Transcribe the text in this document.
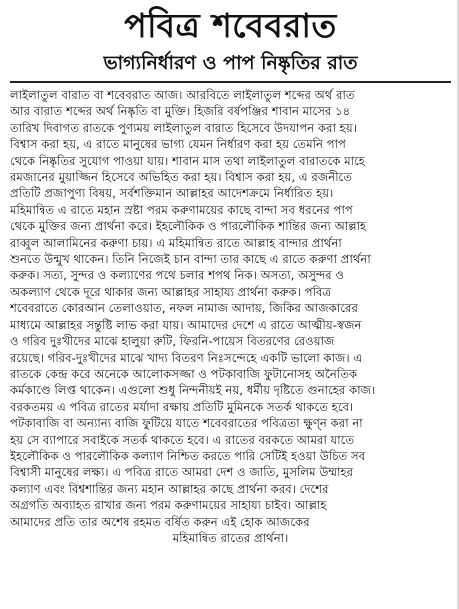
পবিত্র শবেবরাত
ভাগ্যনির্ধারণ ও পাপ নিষ্কৃতির রাত

লাইলাতুল বারাত বা শবেবরাত আজ। আরবিতে লাইলাতুল শব্দের অর্থ রাত
আর বারাত শব্দের অর্থ নিষ্কৃতি বা মুক্তি। হিজরি বর্ষপঞ্জির শাবান মাসের ১৪
তারিখ দিবাগত রাতকে পুণ্যময় লাইলাতুল বারাত হিসেবে উদযাপন করা হয়।
বিশ্বাস করা হয়, এ রাতে মানুষের ভাগ্য যেমন নির্ধারণ করা হয় তেমনি পাপ
থেকে নিষ্কৃতির সুযোগ পাওয়া যায়। শাবান মাস তথা লাইলাতুল বারাতকে মাহে
রমজানের মুয়াজ্জিন হিসেবে অভিহিত করা হয়। বিশ্বাস করা হয়, এ রজনীতে
প্রতিটি প্রজাপুণ্য বিষয়, সর্বশক্তিমান আল্লাহর আদেশক্রমে নির্ধারিত হয়।
মহিমান্বিত এ রাতে মহান স্রষ্টা পরম করুণাময়ের কাছে বান্দা সব ধরনের পাপ
থেকে মুক্তির জন্য প্রার্থনা করে। ইহলৌকিক ও পারলৌকিক শান্তির জন্য আল্লাহ
রাব্বুল আলামিনের করুণা চায়। এ মহিমান্বিত রাতে আল্লাহ বান্দার প্রার্থনা
শুনতে উন্মুখ থাকেন। তিনি নিজেই চান বান্দা তার কাছে এ রাতে করুণা প্রার্থনা
করুক। সত্য, সুন্দর ও কল্যাণের পথে চলার শপথ নিক। অসত্য, অসুন্দর ও
অকল্যাণ থেকে দূরে থাকার জন্য আল্লাহর সাহায্য প্রার্থনা করুক। পবিত্র
শবেবরাতে কোরআন তেলাওয়াত, নফল নামাজ আদায়, জিকির আজকারের
মাধ্যমে আল্লাহর সন্তুষ্টি লাভ করা যায়। আমাদের দেশে এ রাতে আত্মীয়-স্বজন
ও গরিব দুঃখীদের মাঝে হালুয়া রুটি, ফিরনি-পায়েস বিতরণের রেওয়াজ
রয়েছে। গরিব-দুঃখীদের মাঝে খাদ্য বিতরণ নিঃসন্দেহে একটি ভালো কাজ। এ
রাতকে কেন্দ্র করে অনেকে আলোকসজ্জা ও পটকাবাজি ফুটানোসহ অনৈতিক
কর্মকাণ্ডে লিপ্ত থাকেন। এগুলো শুধু নিন্দনীয়ই নয়, ধর্মীয় দৃষ্টিতে গুনাহের কাজ।
বরকতময় এ পবিত্র রাতের মর্যাদা রক্ষায় প্রতিটি মুমিনকে সতর্ক থাকতে হবে।
পটকাবাজি বা অন্যান্য বাজি ফুটিয়ে যাতে শবেবরাতের পবিত্রতা ক্ষুণ্ন করা না
হয় সে ব্যাপারে সবাইকে সতর্ক থাকতে হবে। এ রাতের বরকতে আমরা যাতে
ইহলৌকিক ও পারলৌকিক কল্যাণ নিশ্চিত করতে পারি সেটিই হওয়া উচিত সব
বিশ্বাসী মানুষের লক্ষ্য। এ পবিত্র রাতে আমরা দেশ ও জাতি, মুসলিম উম্মাহর
কল্যাণ এবং বিশ্বশান্তির জন্য মহান আল্লাহর কাছে প্রার্থনা করব। দেশের
অগ্রগতি অব্যাহত রাখার জন্য পরম করুণাময়ের সাহায্য চাইব। আল্লাহ
আমাদের প্রতি তার অশেষ রহমত বর্ষিত করুন এই হোক আজকের
মহিমান্বিত রাতের প্রার্থনা।
